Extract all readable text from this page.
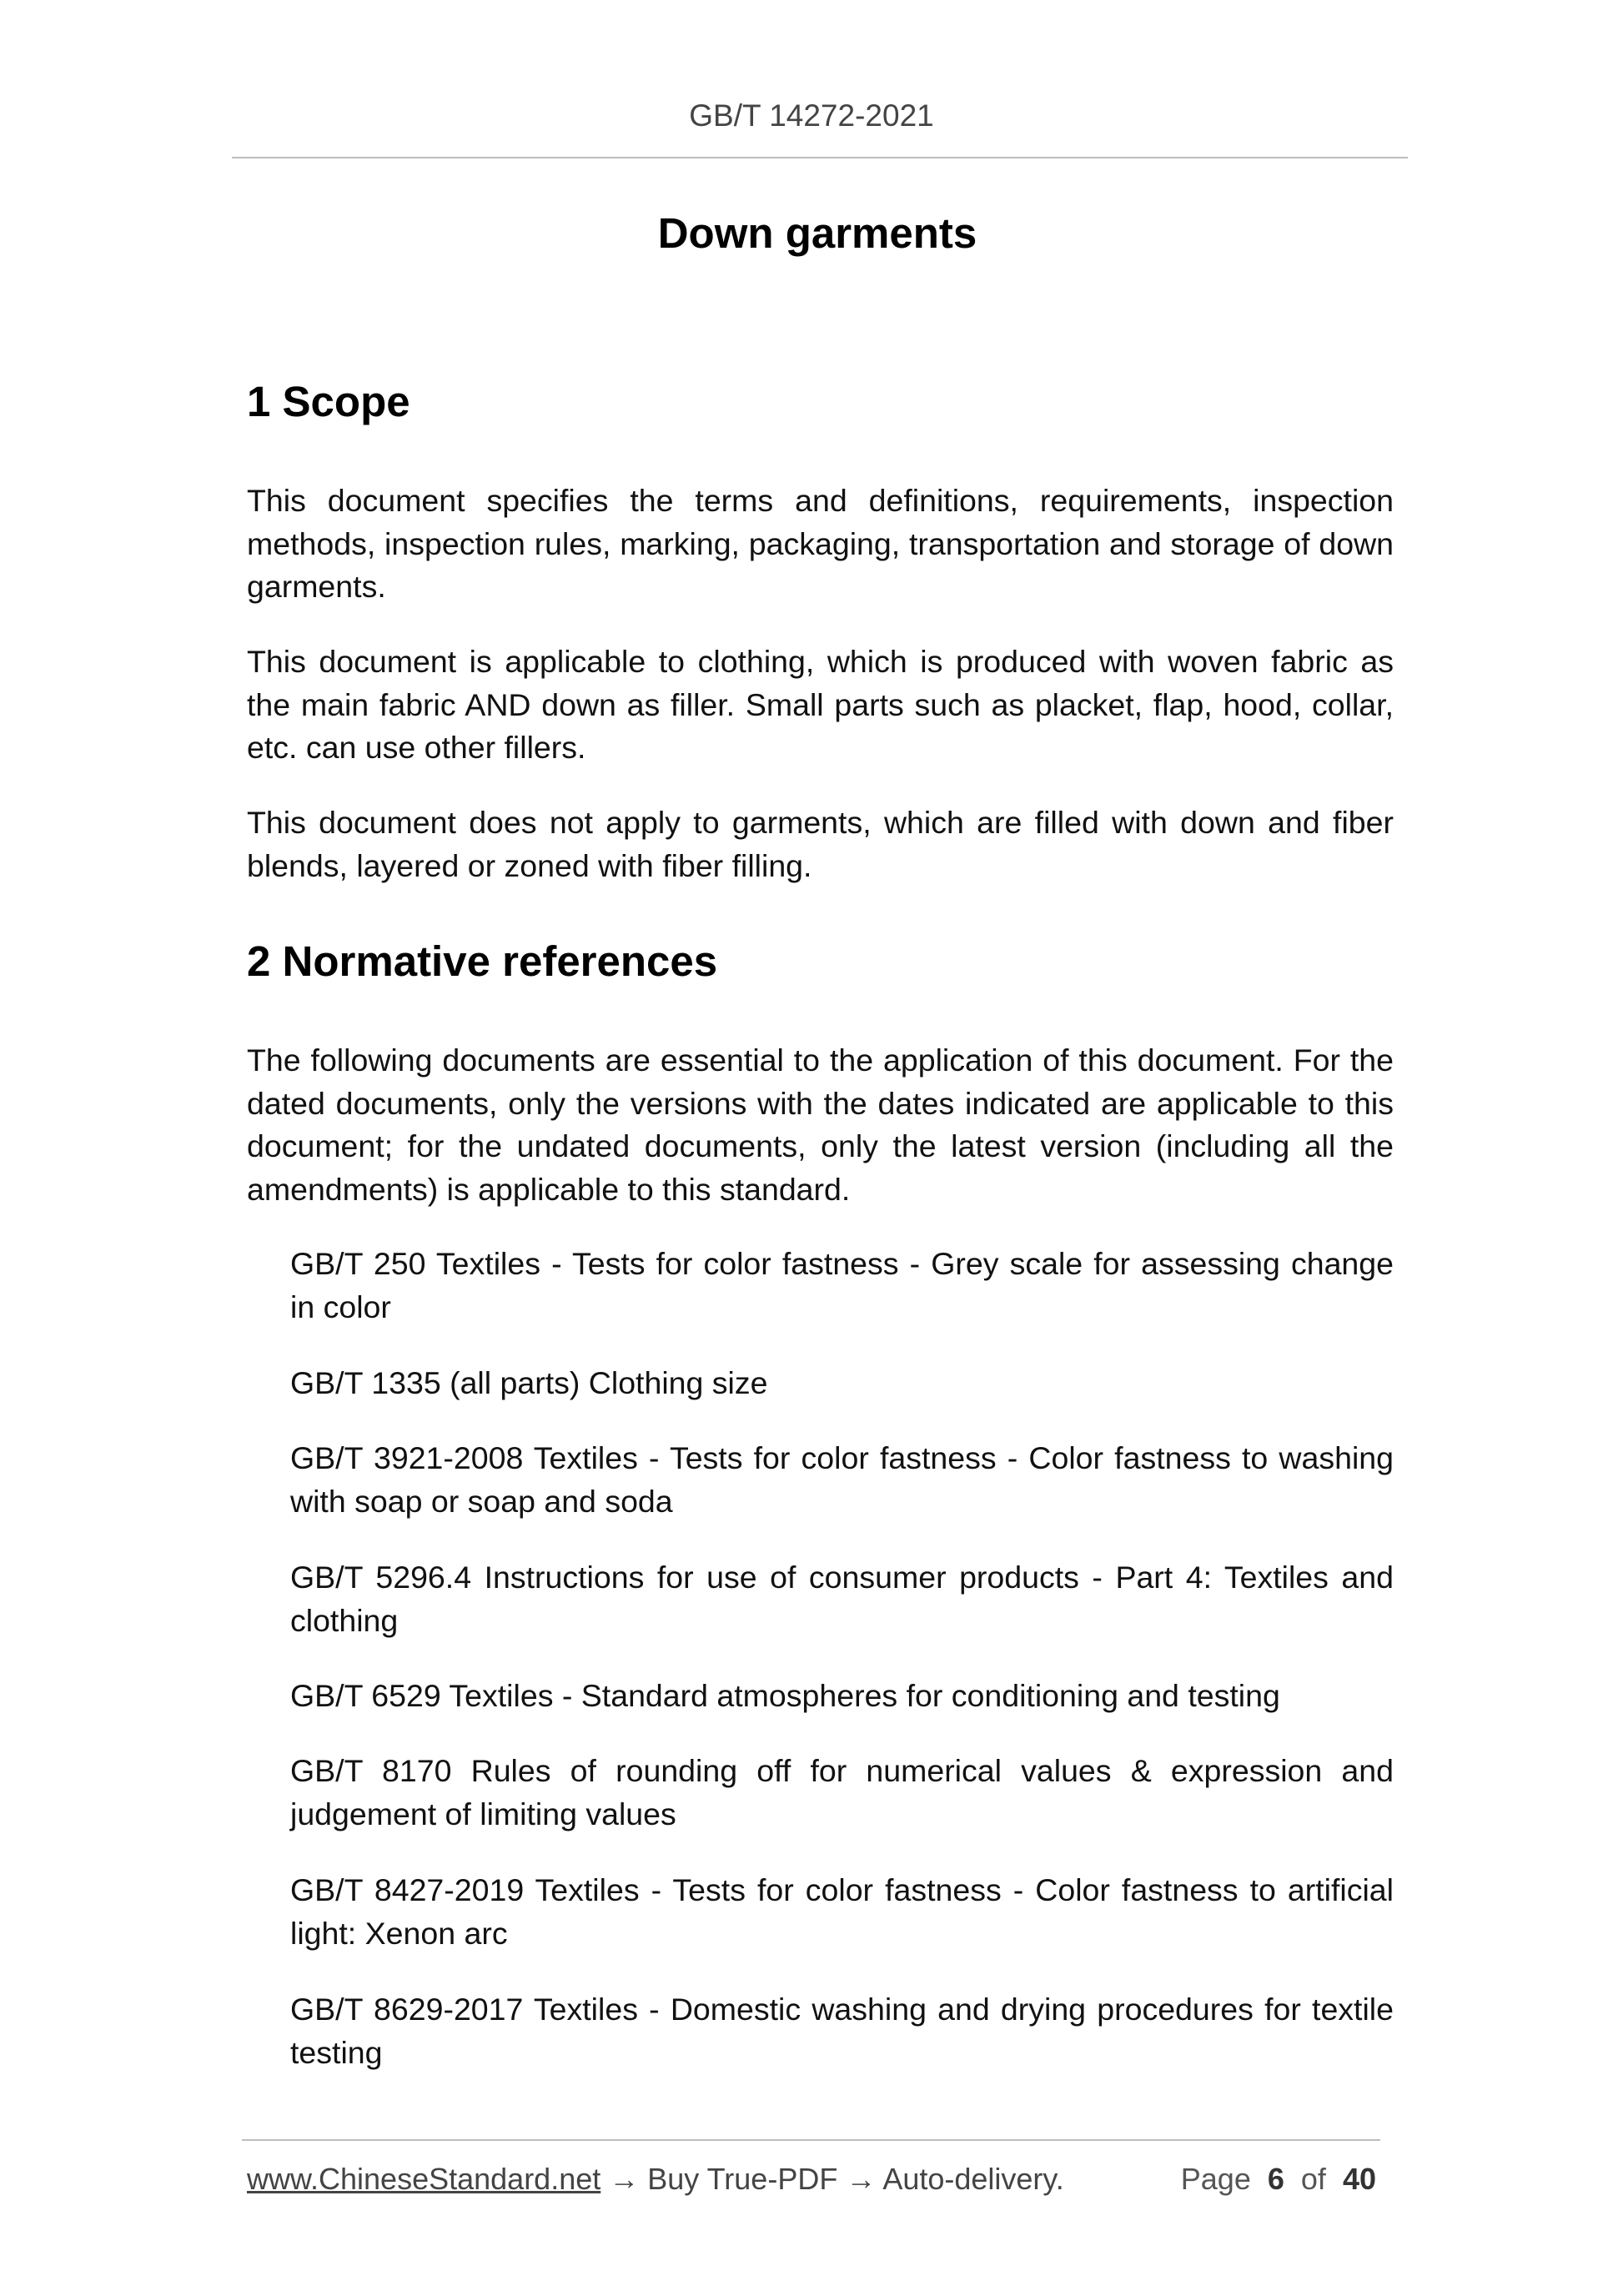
GB/T 14272-2021
Down garments
1 Scope
This document specifies the terms and definitions, requirements, inspection methods, inspection rules, marking, packaging, transportation and storage of down garments.
This document is applicable to clothing, which is produced with woven fabric as the main fabric AND down as filler. Small parts such as placket, flap, hood, collar, etc. can use other fillers.
This document does not apply to garments, which are filled with down and fiber blends, layered or zoned with fiber filling.
2 Normative references
The following documents are essential to the application of this document. For the dated documents, only the versions with the dates indicated are applicable to this document; for the undated documents, only the latest version (including all the amendments) is applicable to this standard.
GB/T 250 Textiles - Tests for color fastness - Grey scale for assessing change in color
GB/T 1335 (all parts) Clothing size
GB/T 3921-2008 Textiles - Tests for color fastness - Color fastness to washing with soap or soap and soda
GB/T 5296.4 Instructions for use of consumer products - Part 4: Textiles and clothing
GB/T 6529 Textiles - Standard atmospheres for conditioning and testing
GB/T 8170 Rules of rounding off for numerical values & expression and judgement of limiting values
GB/T 8427-2019 Textiles - Tests for color fastness - Color fastness to artificial light: Xenon arc
GB/T 8629-2017 Textiles - Domestic washing and drying procedures for textile testing
www.ChineseStandard.net → Buy True-PDF → Auto-delivery.	Page 6 of 40
